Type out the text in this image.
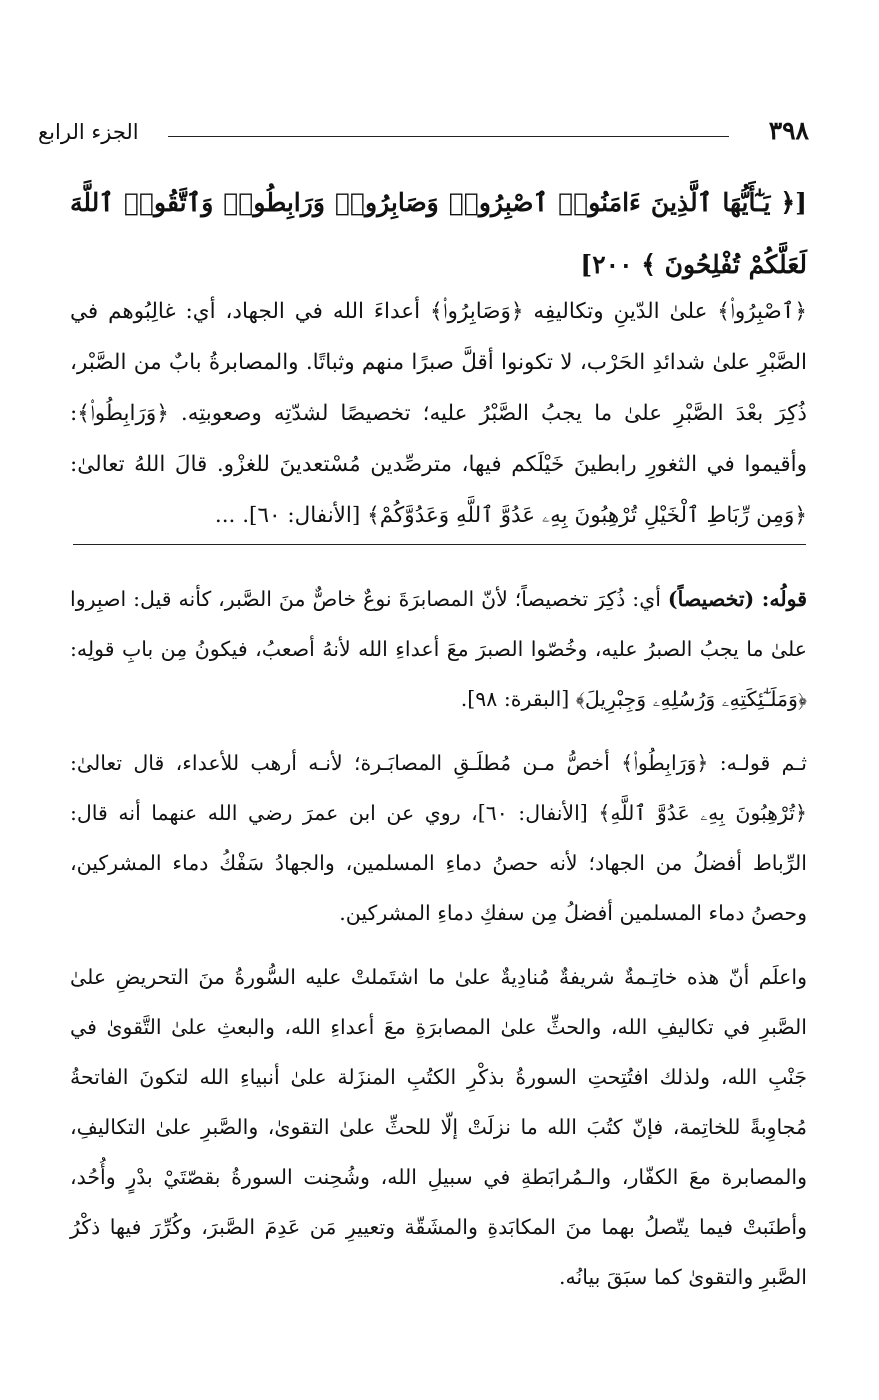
٣٩٨
الجزء الرابع
[﴿ يَـٰٓأَيُّهَا ٱلَّذِينَ ءَامَنُوا۟ ٱصْبِرُوا۟ وَصَابِرُوا۟ وَرَابِطُوا۟ وَٱتَّقُوا۟ ٱللَّهَ لَعَلَّكُمْ تُفْلِحُونَ ﴾ ٢٠٠]
﴿ٱصْبِرُوا۟﴾ علىٰ الدّينِ وتكاليفِه ﴿وَصَابِرُوا۟﴾ أعداءَ الله في الجهاد، أي: غالِبُوهم في الصَّبْرِ علىٰ شدائدِ الحَرْب، لا تكونوا أقلَّ صبرًا منهم وثباتًا. والمصابرةُ بابٌ من الصَّبْر، ذُكِرَ بعْدَ الصَّبْرِ علىٰ ما يجبُ الصَّبْرُ عليه؛ تخصيصًا لشدّتِه وصعوبتِه. ﴿وَرَابِطُوا۟﴾: وأقيموا في الثغورِ رابطينَ خَيْلَكم فيها، مترصِّدين مُسْتعدينَ للغزْو. قالَ اللهُ تعالىٰ: ﴿وَمِن رِّبَاطِ ٱلْخَيْلِ تُرْهِبُونَ بِهِۦ عَدُوَّ ٱللَّهِ وَعَدُوَّكُمْ﴾ [الأنفال: ٦٠]. ...
قولُه: (تخصيصاً) أي: ذُكِرَ تخصيصاً؛ لأنّ المصابرَةَ نوعٌ خاصٌّ منَ الصَّبر، كأنه قيل: اصبِروا علىٰ ما يجبُ الصبرُ عليه، وخُصّوا الصبرَ معَ أعداءِ الله لأنهُ أصعبُ، فيكونُ مِن بابِ قولِه: ﴿وَمَلَـٰٓئِكَتِهِۦ وَرُسُلِهِۦ وَجِبْرِيلَ﴾ [البقرة: ٩٨].
ثـم قولـه: ﴿وَرَابِطُوا۟﴾ أخصُّ مـن مُطلَـقِ المصابَـرة؛ لأنـه أرهب للأعداء، قال تعالىٰ: ﴿تُرْهِبُونَ بِهِۦ عَدُوَّ ٱللَّهِ﴾ [الأنفال: ٦٠]، روي عن ابن عمرَ رضي الله عنهما أنه قال: الرِّباط أفضلُ من الجهاد؛ لأنه حصنُ دماءِ المسلمين، والجهادُ سَفْكُ دماء المشركين، وحصنُ دماء المسلمين أفضلُ مِن سفكِ دماءِ المشركين.
واعلَم أنّ هذه خاتِـمةٌ شريفةٌ مُنادِيةٌ علىٰ ما اشتَملتْ عليه السُّورةُ منَ التحريضِ علىٰ الصَّبرِ في تكاليفِ الله، والحثِّ علىٰ المصابرَةِ معَ أعداءِ الله، والبعثِ علىٰ التَّقوىٰ في جَنْبِ الله، ولذلك افتُتِحتِ السورةُ بذكْرِ الكتُبِ المنزَلة علىٰ أنبياءِ الله لتكونَ الفاتحةُ مُجاوِبةً للخاتِمة، فإنّ كتُبَ الله ما نزلَتْ إلّا للحثِّ علىٰ التقوىٰ، والصَّبرِ علىٰ التكاليفِ، والمصابرة معَ الكفّار، والـمُرابَطةِ في سبيلِ الله، وشُحِنت السورةُ بقصّتَيْ بدْرٍ وأُحُد، وأطنَبتْ فيما يتّصلُ بهما منَ المكابَدةِ والمشَقّة وتعييرِ مَن عَدِمَ الصَّبرَ، وكُرِّرَ فيها ذكْرُ الصَّبرِ والتقوىٰ كما سبَقَ بيانُه.
